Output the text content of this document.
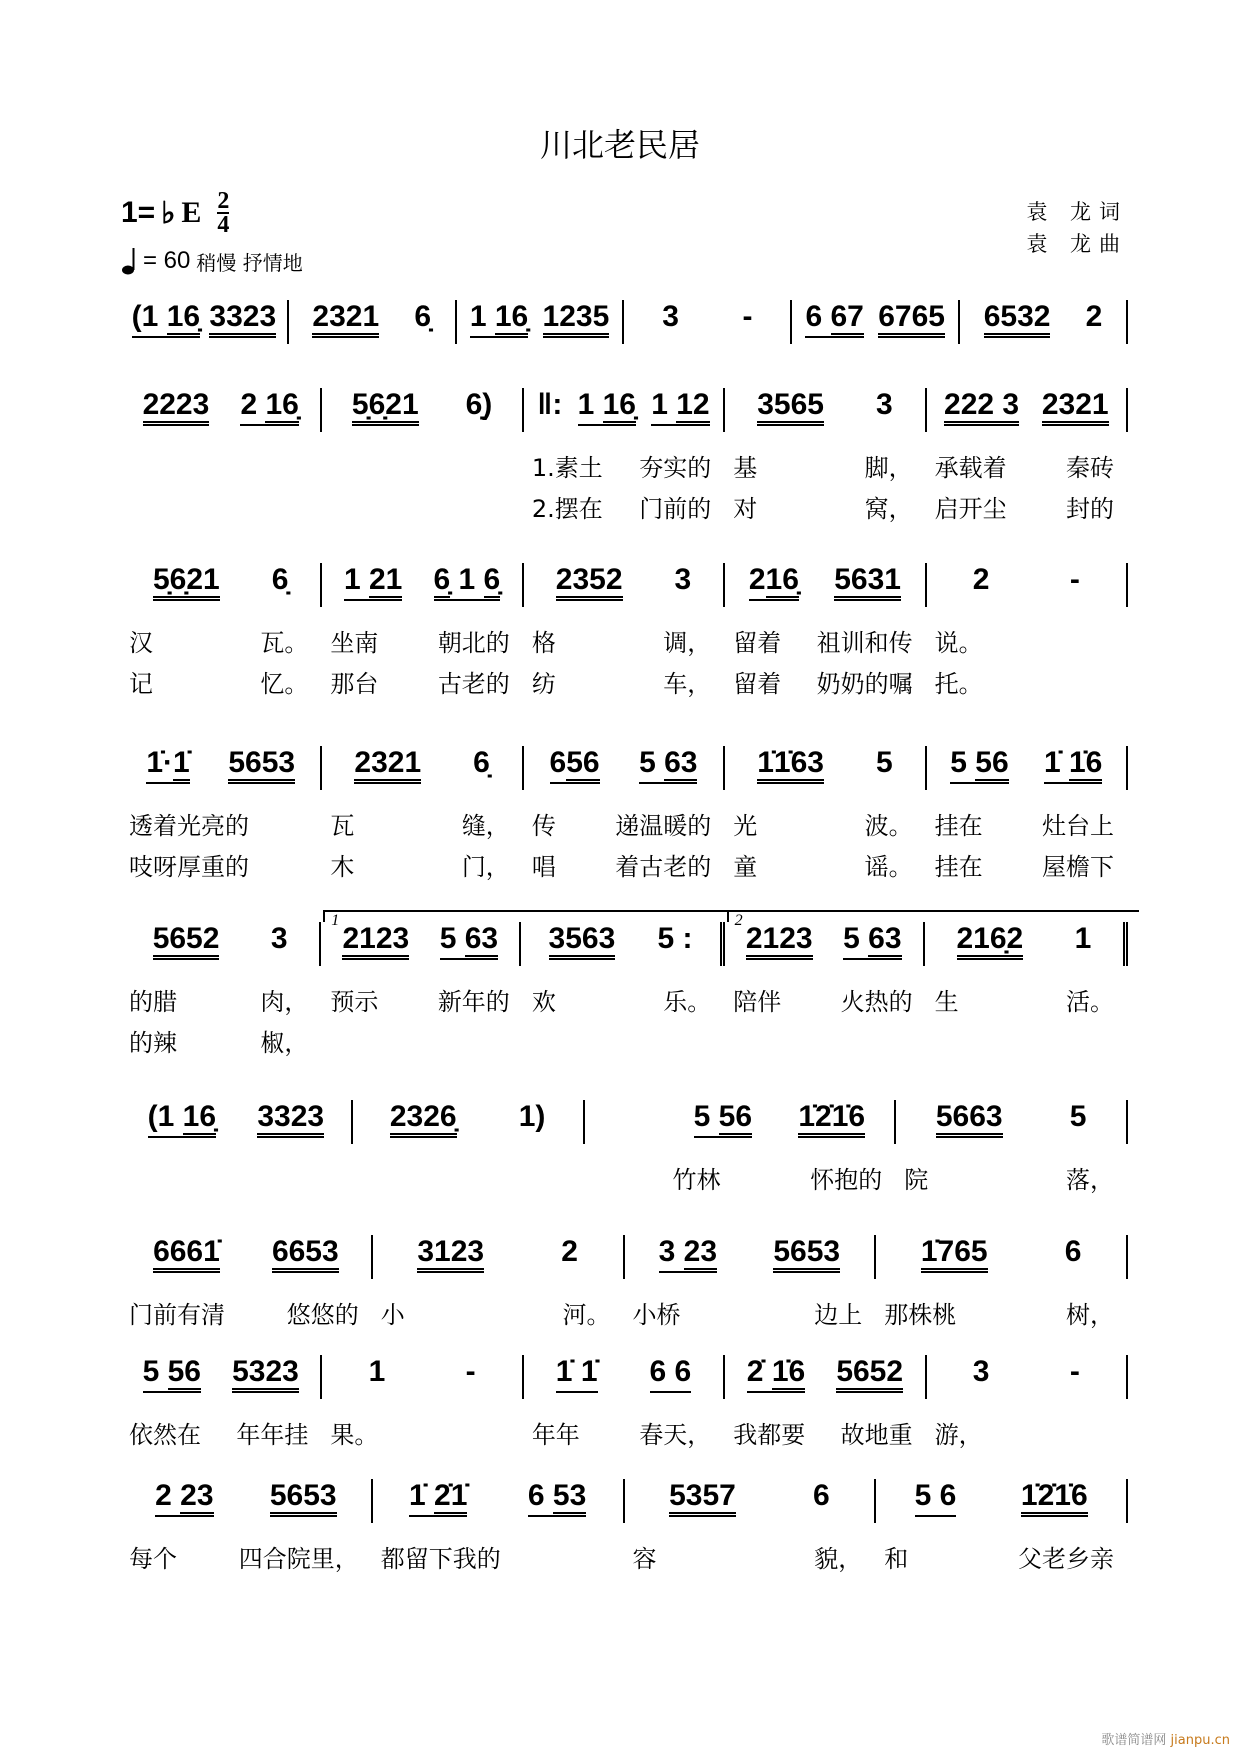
川北老民居
1= ♭ E $\frac{2}{4}$
= 60 稍慢 抒情地
袁 龙词
袁 龙曲
(1 16̣ 3323 2321 6̣ 1 16̣ 1235 3 - 6 67 6765 6532 2
2223 2 16̣ 5̣6̣21 6̣) ‖: 1 16̣ 1 12 3565 3 222 3 2321
1.素土 夯实的 基	脚， 承载着 秦砖
2.摆在 门前的 对	窝， 启开尘 封的
5̣6̣21 6̣ 1 21 6̣ 1 6̣ 2352 3 216̣ 5631 2	-
汉	瓦。 坐南 朝北的 格	调， 留着 祖训和传 说。
记	忆。 那台 古老的 纺	车， 留着 奶奶的嘱 托。
1̇·1̇ 5653 2321 6̣ 656 5 63 1̇1̇63 5 5 56 1̇ 1̇6
透着光亮的	瓦	缝， 传 递温暖的 光	波。 挂在 灶台上
吱呀厚重的	木	门， 唱 着古老的 童	谣。 挂在 屋檐下
5652 3 2123 5 63
1
3563 5 : 2123 5 63
2
216̣2 1
的腊	肉， 预示 新年的 欢	乐。 陪伴 火热的 生	活。
的辣	椒，
(1 16̣ 3323 2326̣ 1)	5 56 1̇2̇1̇6 5663 5
竹林	怀抱的 院	落，
6661̇ 6653	3123	2	3 23 5653	1̇765	6
门前有清	悠悠的 小	河。 小桥	边上 那株桃	树，
5 56 5323 1	-	1̇ 1̇ 6 6 2̇ 1̇6 5652 3	-
依然在 年年挂 果。	年年 春天， 我都要 故地重 游，
2 23 5653 1̇ 2̇1̇ 6 53	5357	6	5 6 1̇2̇1̇6
每个	四合院里， 都留下我的	容	貌， 和	父老乡亲
歌谱简谱网 jianpu.cn
